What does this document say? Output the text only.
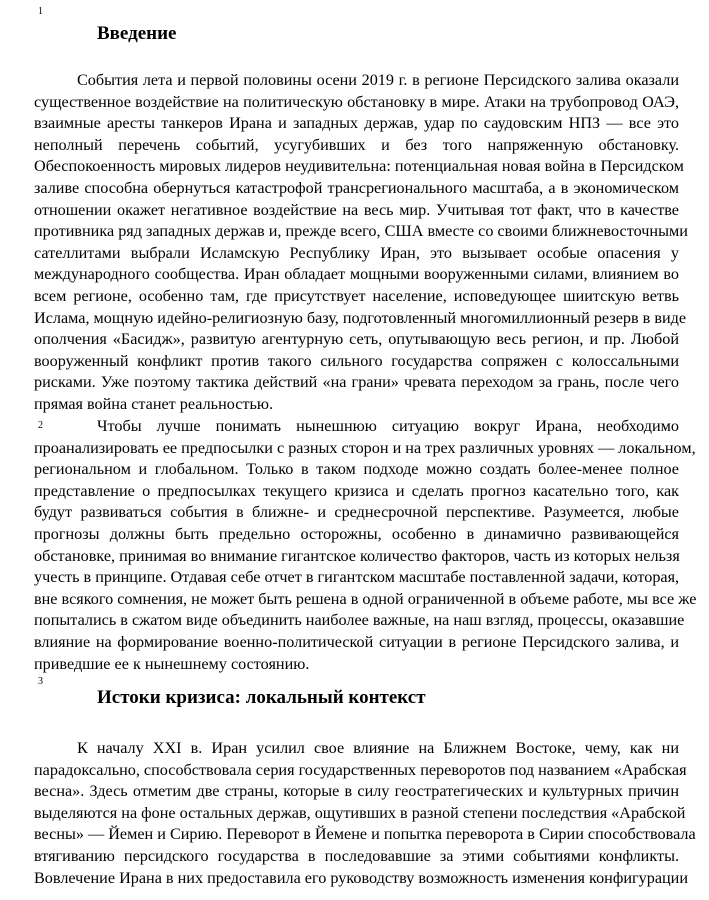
1
Введение
События лета и первой половины осени 2019 г. в регионе Персидского залива оказали
существенное воздействие на политическую обстановку в мире. Атаки на трубопровод ОАЭ,
взаимные аресты танкеров Ирана и западных держав, удар по саудовским НПЗ — все это
неполный перечень событий, усугубивших и без того напряженную обстановку.
Обеспокоенность мировых лидеров неудивительна: потенциальная новая война в Персидском
заливе способна обернуться катастрофой трансрегионального масштаба, а в экономическом
отношении окажет негативное воздействие на весь мир. Учитывая тот факт, что в качестве
противника ряд западных держав и, прежде всего, США вместе со своими ближневосточными
сателлитами выбрали Исламскую Республику Иран, это вызывает особые опасения у
международного сообщества. Иран обладает мощными вооруженными силами, влиянием во
всем регионе, особенно там, где присутствует население, исповедующее шиитскую ветвь
Ислама, мощную идейно-религиозную базу, подготовленный многомиллионный резерв в виде
ополчения «Басидж», развитую агентурную сеть, опутывающую весь регион, и пр. Любой
вооруженный конфликт против такого сильного государства сопряжен с колоссальными
рисками. Уже поэтому тактика действий «на грани» чревата переходом за грань, после чего
прямая война станет реальностью.
2	Чтобы лучше понимать нынешнюю ситуацию вокруг Ирана, необходимо
проанализировать ее предпосылки с разных сторон и на трех различных уровнях — локальном,
региональном и глобальном. Только в таком подходе можно создать более-менее полное
представление о предпосылках текущего кризиса и сделать прогноз касательно того, как
будут развиваться события в ближне- и среднесрочной перспективе. Разумеется, любые
прогнозы должны быть предельно осторожны, особенно в динамично развивающейся
обстановке, принимая во внимание гигантское количество факторов, часть из которых нельзя
учесть в принципе. Отдавая себе отчет в гигантском масштабе поставленной задачи, которая,
вне всякого сомнения, не может быть решена в одной ограниченной в объеме работе, мы все же
попытались в сжатом виде объединить наиболее важные, на наш взгляд, процессы, оказавшие
влияние на формирование военно-политической ситуации в регионе Персидского залива, и
приведшие ее к нынешнему состоянию.
3
Истоки кризиса: локальный контекст
К началу XXI в. Иран усилил свое влияние на Ближнем Востоке, чему, как ни
парадоксально, способствовала серия государственных переворотов под названием «Арабская
весна». Здесь отметим две страны, которые в силу геостратегических и культурных причин
выделяются на фоне остальных держав, ощутивших в разной степени последствия «Арабской
весны» — Йемен и Сирию. Переворот в Йемене и попытка переворота в Сирии способствовала
втягиванию персидского государства в последовавшие за этими событиями конфликты.
Вовлечение Ирана в них предоставила его руководству возможность изменения конфигурации
